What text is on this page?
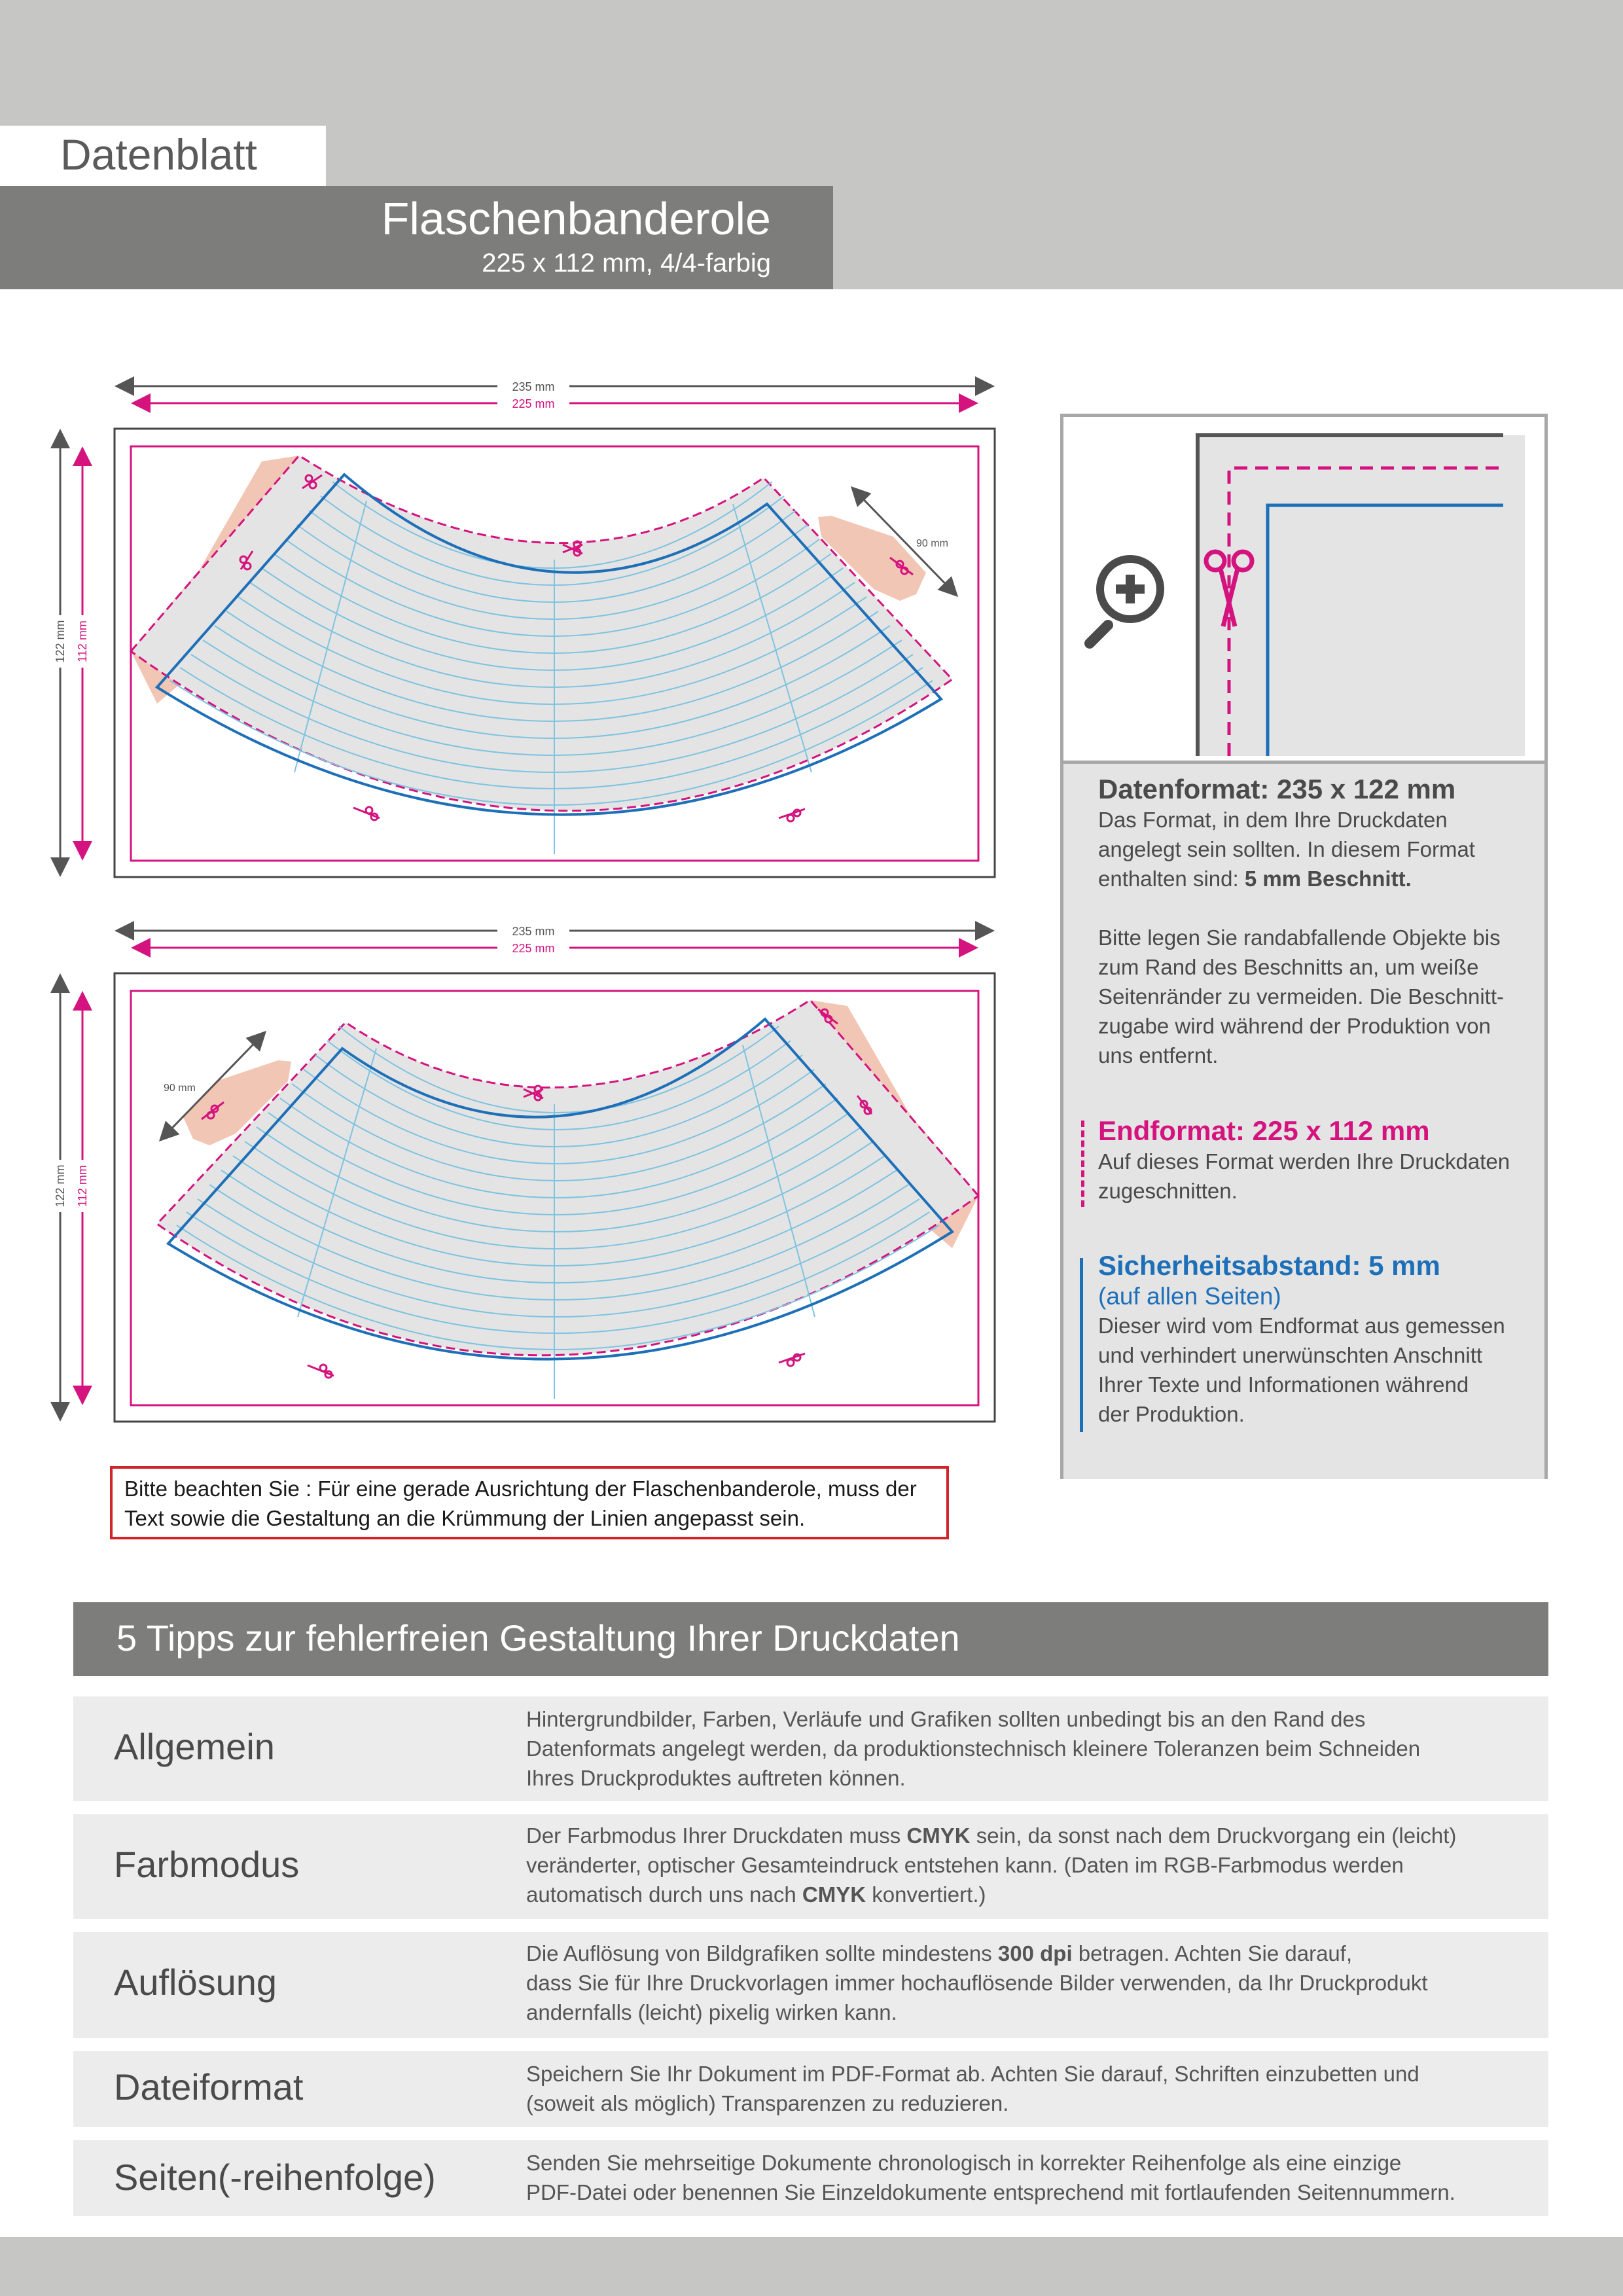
Datenblatt
Flaschenbanderole
225 x 112 mm, 4/4-farbig
235 mm
225 mm
122 mm 112 mm
90 mm
235 mm
225 mm
122 mm 112 mm
90 mm
Datenformat: 235 x 122 mm
Das Format, in dem Ihre Druckdaten
angelegt sein sollten. In diesem Format
enthalten sind: 5 mm Beschnitt.
Bitte legen Sie randabfallende Objekte bis
zum Rand des Beschnitts an, um weiße
Seitenränder zu vermeiden. Die Beschnitt-
zugabe wird während der Produktion von
uns entfernt.
Endformat: 225 x 112 mm
Auf dieses Format werden Ihre Druckdaten
zugeschnitten.
Sicherheitsabstand: 5 mm
(auf allen Seiten)
Dieser wird vom Endformat aus gemessen
und verhindert unerwünschten Anschnitt
Ihrer Texte und Informationen während
der Produktion.
Bitte beachten Sie : Für eine gerade Ausrichtung der Flaschenbanderole, muss der
Text sowie die Gestaltung an die Krümmung der Linien angepasst sein.
5 Tipps zur fehlerfreien Gestaltung Ihrer Druckdaten
Allgemein
Hintergrundbilder, Farben, Verläufe und Grafiken sollten unbedingt bis an den Rand des
Datenformats angelegt werden, da produktionstechnisch kleinere Toleranzen beim Schneiden
Ihres Druckproduktes auftreten können.
Farbmodus
Der Farbmodus Ihrer Druckdaten muss CMYK sein, da sonst nach dem Druckvorgang ein (leicht)
veränderter, optischer Gesamteindruck entstehen kann. (Daten im RGB-Farbmodus werden
automatisch durch uns nach CMYK konvertiert.)
Auflösung
Die Auflösung von Bildgrafiken sollte mindestens 300 dpi betragen. Achten Sie darauf,
dass Sie für Ihre Druckvorlagen immer hochauflösende Bilder verwenden, da Ihr Druckprodukt
andernfalls (leicht) pixelig wirken kann.
Dateiformat	Speichern Sie Ihr Dokument im PDF-Format ab. Achten Sie darauf, Schriften einzubetten und
(soweit als möglich) Transparenzen zu reduzieren.
Seiten(-reihenfolge)	Senden Sie mehrseitige Dokumente chronologisch in korrekter Reihenfolge als eine einzige
PDF-Datei oder benennen Sie Einzeldokumente entsprechend mit fortlaufenden Seitennummern.
